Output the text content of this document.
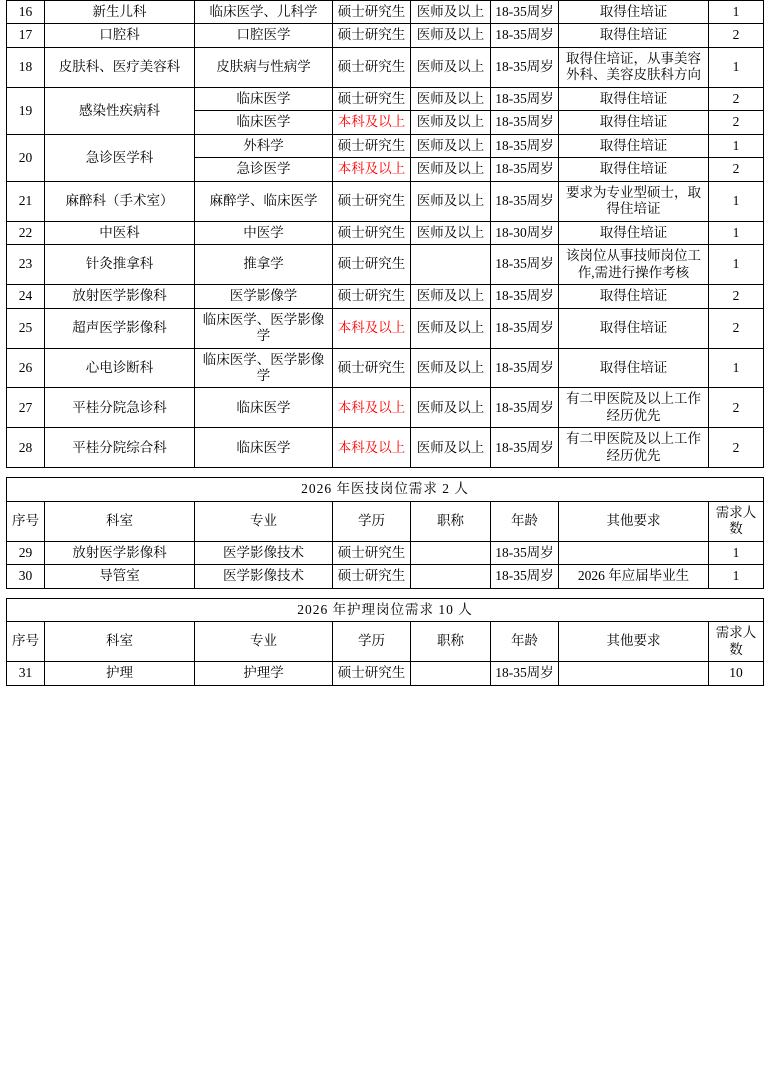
16	新生儿科	临床医学、儿科学	硕士研究生	医师及以上	18-35周岁	取得住培证	1
17	口腔科	口腔医学	硕士研究生	医师及以上	18-35周岁	取得住培证	2
18	皮肤科、医疗美容科	皮肤病与性病学	硕士研究生	医师及以上	18-35周岁	取得住培证，从事美容外科、美容皮肤科方向	1
19	感染性疾病科	临床医学	硕士研究生	医师及以上	18-35周岁	取得住培证	2
		临床医学	本科及以上	医师及以上	18-35周岁	取得住培证	2
20	急诊医学科	外科学	硕士研究生	医师及以上	18-35周岁	取得住培证	1
		急诊医学	本科及以上	医师及以上	18-35周岁	取得住培证	2
21	麻醉科（手术室）	麻醉学、临床医学	硕士研究生	医师及以上	18-35周岁	要求为专业型硕士，取得住培证	1
22	中医科	中医学	硕士研究生	医师及以上	18-30周岁	取得住培证	1
23	针灸推拿科	推拿学	硕士研究生		18-35周岁	该岗位从事技师岗位工作,需进行操作考核	1
24	放射医学影像科	医学影像学	硕士研究生	医师及以上	18-35周岁	取得住培证	2
25	超声医学影像科	临床医学、医学影像学	本科及以上	医师及以上	18-35周岁	取得住培证	2
26	心电诊断科	临床医学、医学影像学	硕士研究生	医师及以上	18-35周岁	取得住培证	1
27	平桂分院急诊科	临床医学	本科及以上	医师及以上	18-35周岁	有二甲医院及以上工作经历优先	2
28	平桂分院综合科	临床医学	本科及以上	医师及以上	18-35周岁	有二甲医院及以上工作经历优先	2
2026 年医技岗位需求 2 人							
序号	科室	专业	学历	职称	年龄	其他要求	需求人数
29	放射医学影像科	医学影像技术	硕士研究生		18-35周岁		1
30	导管室	医学影像技术	硕士研究生		18-35周岁	2026 年应届毕业生	1
2026 年护理岗位需求 10 人							
序号	科室	专业	学历	职称	年龄	其他要求	需求人数
31	护理	护理学	硕士研究生		18-35周岁		10
